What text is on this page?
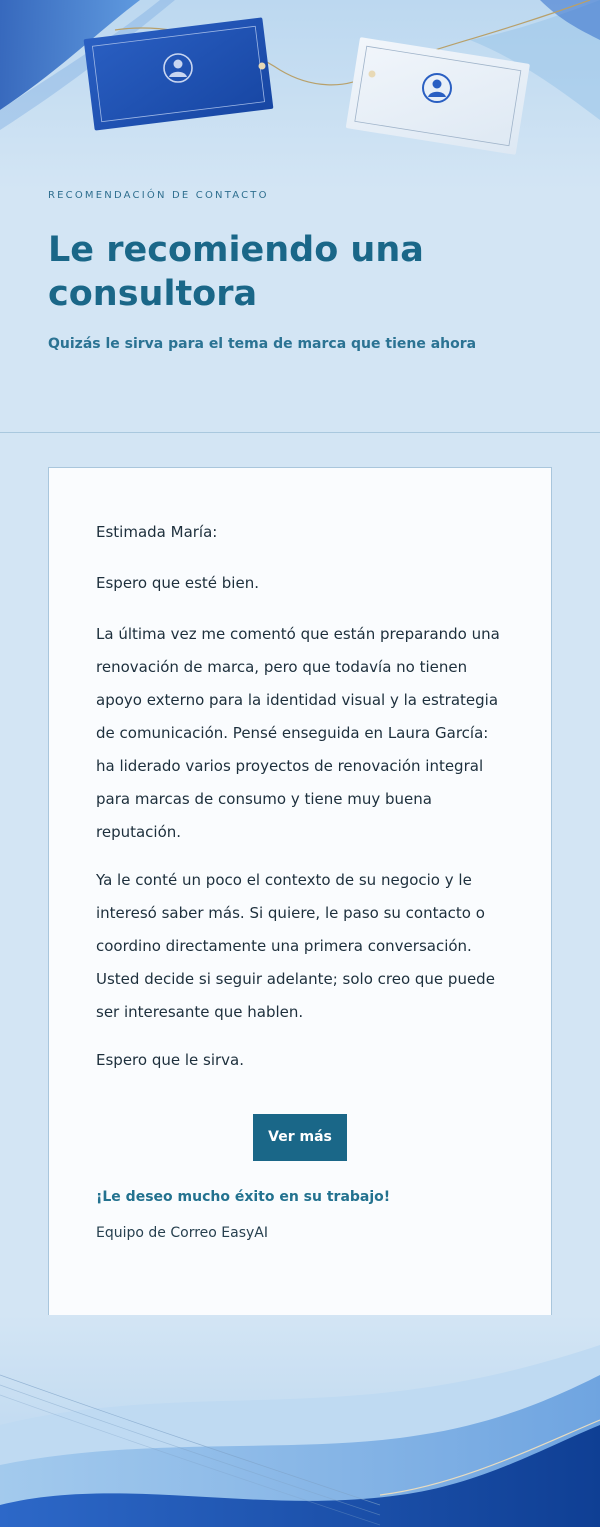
RECOMENDACIÓN DE CONTACTO
Le recomiendo una consultora
Quizás le sirva para el tema de marca que tiene ahora

Estimada María:

Espero que esté bien.

La última vez me comentó que están preparando una renovación de marca, pero que todavía no tienen apoyo externo para la identidad visual y la estrategia de comunicación. Pensé enseguida en Laura García: ha liderado varios proyectos de renovación integral para marcas de consumo y tiene muy buena reputación.

Ya le conté un poco el contexto de su negocio y le interesó saber más. Si quiere, le paso su contacto o coordino directamente una primera conversación. Usted decide si seguir adelante; solo creo que puede ser interesante que hablen.

Espero que le sirva.

Ver más

¡Le deseo mucho éxito en su trabajo!

Equipo de Correo EasyAI
